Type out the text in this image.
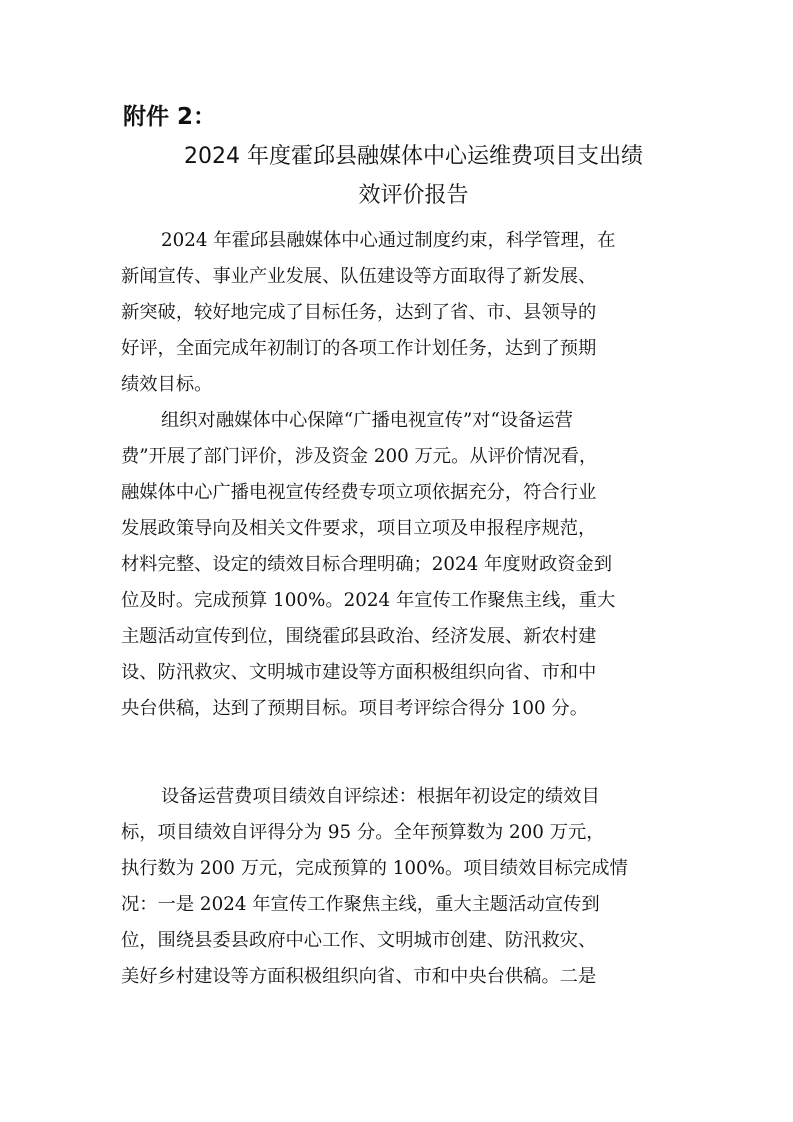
附件 2：
2024 年度霍邱县融媒体中心运维费项目支出绩
效评价报告
2024 年霍邱县融媒体中心通过制度约束，科学管理，在
新闻宣传、事业产业发展、队伍建设等方面取得了新发展、
新突破，较好地完成了目标任务，达到了省、市、县领导的
好评，全面完成年初制订的各项工作计划任务，达到了预期
绩效目标。
组织对融媒体中心保障“广播电视宣传”对“设备运营
费”开展了部门评价，涉及资金 200 万元。从评价情况看，
融媒体中心广播电视宣传经费专项立项依据充分，符合行业
发展政策导向及相关文件要求，项目立项及申报程序规范，
材料完整、设定的绩效目标合理明确；2024 年度财政资金到
位及时。完成预算 100%。2024 年宣传工作聚焦主线，重大
主题活动宣传到位，围绕霍邱县政治、经济发展、新农村建
设、防汛救灾、文明城市建设等方面积极组织向省、市和中
央台供稿，达到了预期目标。项目考评综合得分 100 分。
设备运营费项目绩效自评综述：根据年初设定的绩效目
标，项目绩效自评得分为 95 分。全年预算数为 200 万元，
执行数为 200 万元，完成预算的 100%。项目绩效目标完成情
况：一是 2024 年宣传工作聚焦主线，重大主题活动宣传到
位，围绕县委县政府中心工作、文明城市创建、防汛救灾、
美好乡村建设等方面积极组织向省、市和中央台供稿。二是
